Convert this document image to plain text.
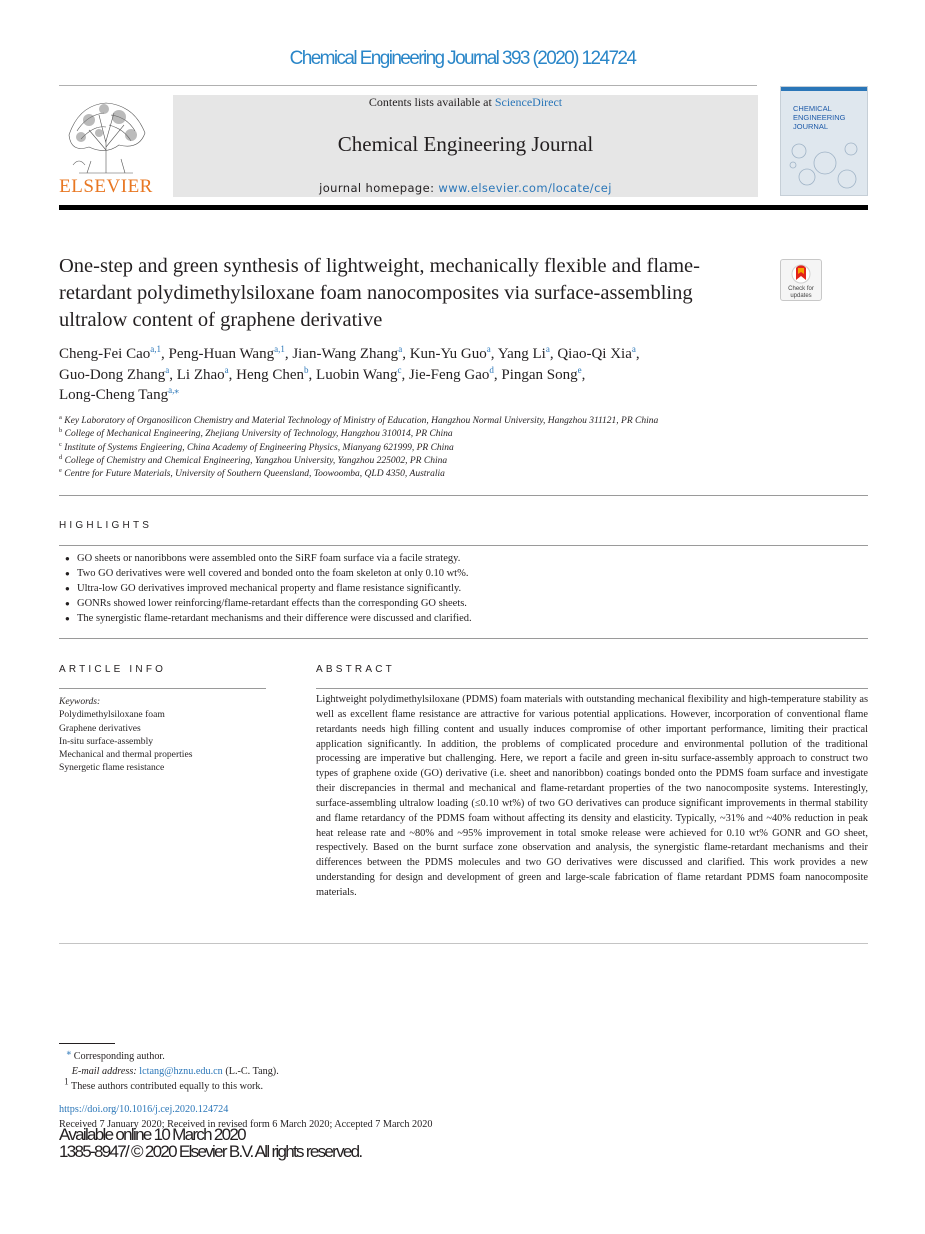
Chemical Engineering Journal 393 (2020) 124724
ELSEVIER
Contents lists available at ScienceDirect
Chemical Engineering Journal
journal homepage: www.elsevier.com/locate/cej
CHEMICAL
ENGINEERING
JOURNAL
One-step and green synthesis of lightweight, mechanically flexible and flame-retardant polydimethylsiloxane foam nanocomposites via surface-assembling ultralow content of graphene derivative
Check for updates
Cheng-Fei Cao$^{a,1}$, Peng-Huan Wang$^{a,1}$, Jian-Wang Zhang$^a$, Kun-Yu Guo$^a$, Yang Li$^a$, Qiao-Qi Xia$^a$,
Guo-Dong Zhang$^a$, Li Zhao$^a$, Heng Chen$^b$, Luobin Wang$^c$, Jie-Feng Gao$^d$, Pingan Song$^e$,
Long-Cheng Tang$^{a,⁎}$
$^a$ Key Laboratory of Organosilicon Chemistry and Material Technology of Ministry of Education, Hangzhou Normal University, Hangzhou 311121, PR China
$^b$ College of Mechanical Engineering, Zhejiang University of Technology, Hangzhou 310014, PR China
$^c$ Institute of Systems Engieering, China Academy of Engineering Physics, Mianyang 621999, PR China
$^d$ College of Chemistry and Chemical Engineering, Yangzhou University, Yangzhou 225002, PR China
$^e$ Centre for Future Materials, University of Southern Queensland, Toowoomba, QLD 4350, Australia
HIGHLIGHTS
● GO sheets or nanoribbons were assembled onto the SiRF foam surface via a facile strategy.
● Two GO derivatives were well covered and bonded onto the foam skeleton at only 0.10 wt%.
● Ultra-low GO derivatives improved mechanical property and flame resistance significantly.
● GONRs showed lower reinforcing/flame-retardant effects than the corresponding GO sheets.
● The synergistic flame-retardant mechanisms and their difference were discussed and clarified.
ARTICLE INFO
Keywords:
Polydimethylsiloxane foam
Graphene derivatives
In-situ surface-assembly
Mechanical and thermal properties
Synergetic flame resistance
ABSTRACT
Lightweight polydimethylsiloxane (PDMS) foam materials with outstanding mechanical flexibility and high-temperature stability as well as excellent flame resistance are attractive for various potential applications. However, incorporation of conventional flame retardants needs high filling content and usually induces compromise of other important performance, limiting their practical application significantly. In addition, the problems of complicated procedure and environmental pollution of the traditional processing are imperative but challenging. Here, we report a facile and green in-situ surface-assembly approach to construct two types of graphene oxide (GO) derivative (i.e. sheet and nanoribbon) coatings bonded onto the PDMS foam surface and investigate their discrepancies in thermal and mechanical and flame-retardant properties of the two nanocomposite systems. Interestingly, surface-assembling ultralow loading (≤0.10 wt%) of two GO derivatives can produce significant improvements in thermal stability and flame retardancy of the PDMS foam without affecting its density and elasticity. Typically, ~31% and ~40% reduction in peak heat release rate and ~80% and ~95% improvement in total smoke release were achieved for 0.10 wt% GONR and GO sheet, respectively. Based on the burnt surface zone observation and analysis, the synergistic flame-retardant mechanisms and their differences between the PDMS molecules and two GO derivatives were discussed and clarified. This work provides a new understanding for design and development of green and large-scale fabrication of flame retardant PDMS foam nanocomposite materials.
⁎ Corresponding author.
E-mail address: lctang@hznu.edu.cn (L.-C. Tang).
$^1$ These authors contributed equally to this work.
https://doi.org/10.1016/j.cej.2020.124724
Received 7 January 2020; Received in revised form 6 March 2020; Accepted 7 March 2020
Available online 10 March 2020
1385-8947/ © 2020 Elsevier B.V. All rights reserved.
